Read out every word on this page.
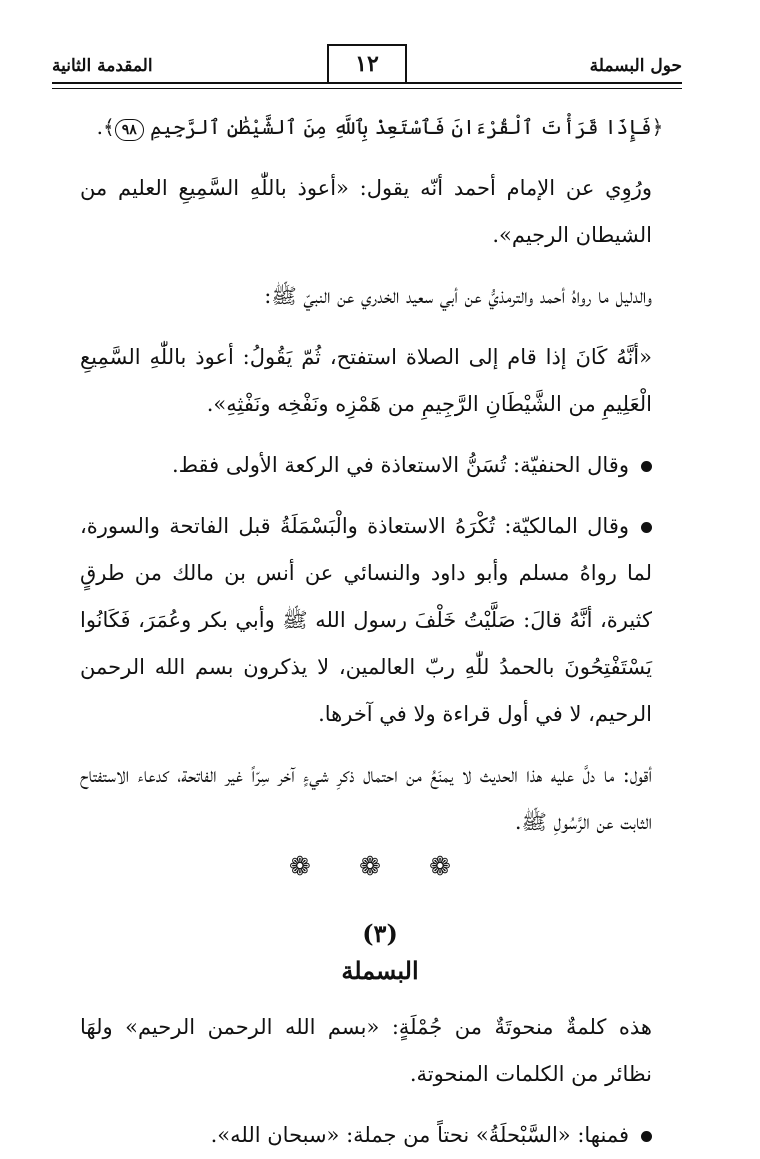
حول البسملة
١٢
المقدمة الثانية

﴿فَإِذَا قَرَأْتَ ٱلْقُرْءَانَ فَٱسْتَعِذْ بِٱللَّهِ مِنَ ٱلشَّيْطَٰنِ ٱلرَّجِيمِ ٩٨﴾.

ورُوِي عن الإمام أحمد أنّه يقول: «أعوذ باللّٰهِ السَّمِيعِ العليم من الشيطان الرجيم».

والدليل ما رواهُ أحمد والترمذيُّ عن أبي سعيد الخدري عن النبيّ ﷺ:

«أنَّهُ كَانَ إذا قام إلى الصلاة استفتح، ثُمّ يَقُولُ: أعوذ باللّٰهِ السَّمِيعِ الْعَلِيمِ من الشَّيْطَانِ الرَّجِيمِ من هَمْزِه ونَفْخِه ونَفْثِهِ».

وقال الحنفيّة: تُسَنُّ الاستعاذة في الركعة الأولى فقط.

وقال المالكيّة: تُكْرَهُ الاستعاذة والْبَسْمَلَةُ قبل الفاتحة والسورة، لما رواهُ مسلم وأبو داود والنسائي عن أنس بن مالك من طرقٍ كثيرة، أنَّهُ قالَ: صَلَّيْتُ خَلْفَ رسول الله ﷺ وأبي بكر وعُمَرَ، فَكَانُوا يَسْتَفْتِحُونَ بالحمدُ للّٰهِ ربّ العالمين، لا يذكرون بسم الله الرحمن الرحيم، لا في أول قراءة ولا في آخرها.

أقول: ما دلَّ عليه هذا الحديث لا يمنَعُ من احتمال ذكرِ شيءٍ آخر سِرّاً غير الفاتحة، كدعاء الاستفتاح الثابت عن الرَّسُولِ ﷺ.

❁ ❁ ❁
(٣)
البسملة

هذه كلمةٌ منحوتَةٌ من جُمْلَةٍ: «بسم الله الرحمن الرحيم» ولهَا نظائر من الكلمات المنحوتة.

فمنها: «السَّبْحلَةُ» نحتاً من جملة: «سبحان الله».
